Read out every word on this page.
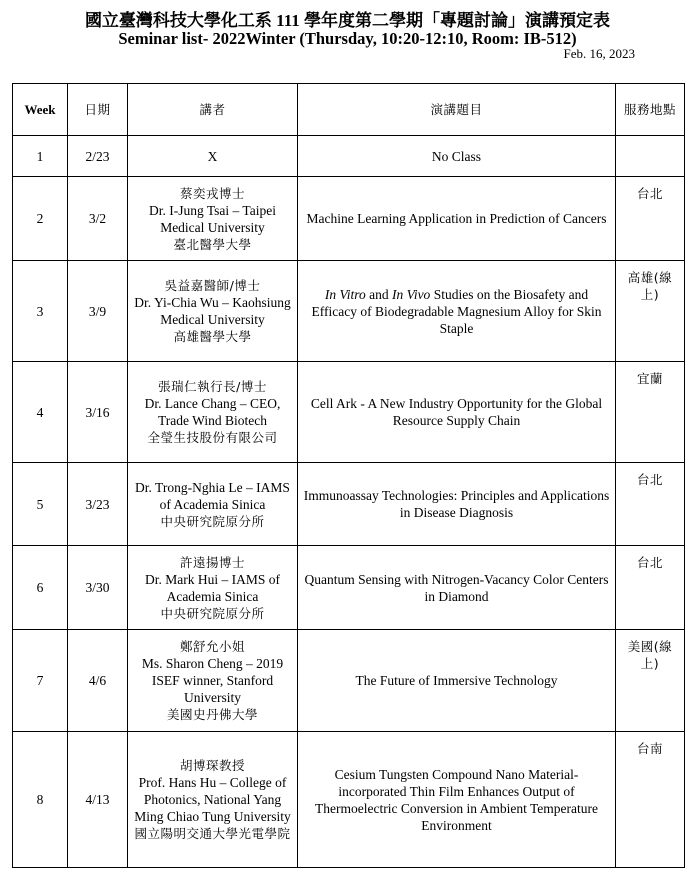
國立臺灣科技大學化工系 111 學年度第二學期「專題討論」演講預定表
Seminar list- 2022Winter (Thursday, 10:20-12:10, Room: IB-512)
Feb. 16, 2023
Week	日期	講者	演講題目	服務地點
1	2/23	X	No Class	
2	3/2	蔡奕戎博士
Dr. I-Jung Tsai – Taipei Medical University
臺北醫學大學	Machine Learning Application in Prediction of Cancers	台北
3	3/9	吳益嘉醫師/博士
Dr. Yi-Chia Wu – Kaohsiung Medical University
高雄醫學大學	In Vitro and In Vivo Studies on the Biosafety and Efficacy of Biodegradable Magnesium Alloy for Skin Staple	高雄(線上)
4	3/16	張瑞仁執行長/博士
Dr. Lance Chang – CEO, Trade Wind Biotech
全瑩生技股份有限公司	Cell Ark - A New Industry Opportunity for the Global Resource Supply Chain	宜蘭
5	3/23	Dr. Trong-Nghia Le – IAMS of Academia Sinica
中央研究院原分所	Immunoassay Technologies: Principles and Applications in Disease Diagnosis	台北
6	3/30	許遠揚博士
Dr. Mark Hui – IAMS of Academia Sinica
中央研究院原分所	Quantum Sensing with Nitrogen-Vacancy Color Centers in Diamond	台北
7	4/6	鄭舒允小姐
Ms. Sharon Cheng – 2019 ISEF winner, Stanford University
美國史丹佛大學	The Future of Immersive Technology	美國(線上)
8	4/13	胡博琛教授
Prof. Hans Hu – College of Photonics, National Yang Ming Chiao Tung University
國立陽明交通大學光電學院	Cesium Tungsten Compound Nano Material-incorporated Thin Film Enhances Output of Thermoelectric Conversion in Ambient Temperature Environment	台南
